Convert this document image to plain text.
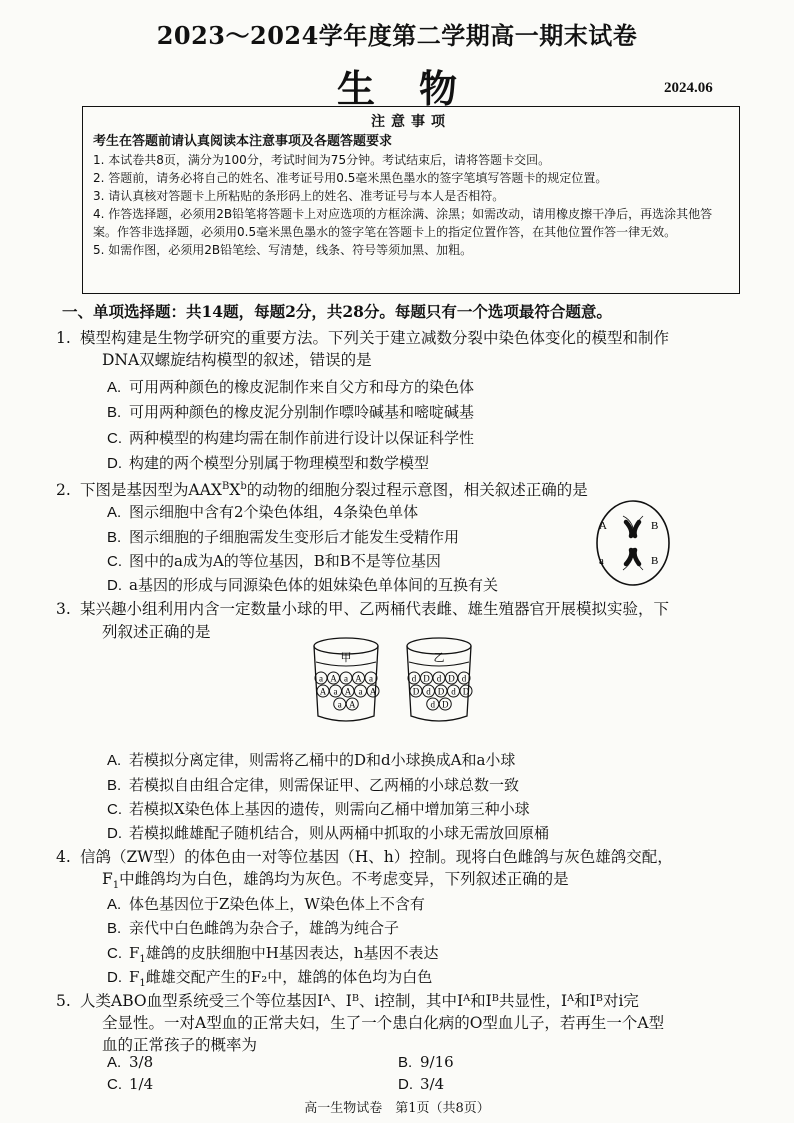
2023～2024学年度第二学期高一期末试卷
生物	2024.06
注意事项
考生在答题前请认真阅读本注意事项及各题答题要求
1. 本试卷共8页，满分为100分，考试时间为75分钟。考试结束后，请将答题卡交回。
2. 答题前，请务必将自己的姓名、准考证号用0.5毫米黑色墨水的签字笔填写答题卡的规定位置。
3. 请认真核对答题卡上所粘贴的条形码上的姓名、准考证号与本人是否相符。
4. 作答选择题，必须用2B铅笔将答题卡上对应选项的方框涂满、涂黑；如需改动，请用橡皮擦干净后，再选涂其他答案。作答非选择题，必须用0.5毫米黑色墨水的签字笔在答题卡上的指定位置作答，在其他位置作答一律无效。
5. 如需作图，必须用2B铅笔绘、写清楚，线条、符号等须加黑、加粗。
一、单项选择题：共14题，每题2分，共28分。每题只有一个选项最符合题意。
1. 模型构建是生物学研究的重要方法。下列关于建立减数分裂中染色体变化的模型和制作
DNA双螺旋结构模型的叙述，错误的是
A. 可用两种颜色的橡皮泥制作来自父方和母方的染色体
B. 可用两种颜色的橡皮泥分别制作嘌呤碱基和嘧啶碱基
C. 两种模型的构建均需在制作前进行设计以保证科学性
D. 构建的两个模型分别属于物理模型和数学模型
2. 下图是基因型为$AAX^BX^b$的动物的细胞分裂过程示意图，相关叙述正确的是
A. 图示细胞中含有2个染色体组，4条染色单体
B. 图示细胞的子细胞需发生变形后才能发生受精作用
C. 图中的a成为A的等位基因，B和B不是等位基因
D. a基因的形成与同源染色体的姐妹染色单体间的互换有关
A
a
B
B
3. 某兴趣小组利用内含一定数量小球的甲、乙两桶代表雌、雄生殖器官开展模拟实验，下
列叙述正确的是
甲
a A a A a
A a A a A
a A
乙
d D d D d
D d D d D
d D
A. 若模拟分离定律，则需将乙桶中的D和d小球换成A和a小球
B. 若模拟自由组合定律，则需保证甲、乙两桶的小球总数一致
C. 若模拟X染色体上基因的遗传，则需向乙桶中增加第三种小球
D. 若模拟雌雄配子随机结合，则从两桶中抓取的小球无需放回原桶
4. 信鸽（ZW型）的体色由一对等位基因（H、h）控制。现将白色雌鸽与灰色雄鸽交配，
$F_1$中雌鸽均为白色，雄鸽均为灰色。不考虑变异，下列叙述正确的是
A. 体色基因位于Z染色体上，W染色体上不含有
B. 亲代中白色雌鸽为杂合子，雄鸽为纯合子
C. $F_1$雄鸽的皮肤细胞中H基因表达，h基因不表达
D. $F_1$雌雄交配产生的F₂中，雄鸽的体色均为白色
5. 人类ABO血型系统受三个等位基因Iᴬ、Iᴮ、i控制，其中Iᴬ和Iᴮ共显性，Iᴬ和Iᴮ对i完
全显性。一对A型血的正常夫妇，生了一个患白化病的O型血儿子，若再生一个A型
血的正常孩子的概率为
A. 3/8	B. 9/16
C. 1/4	D. 3/4
高一生物试卷　第1页（共8页）
